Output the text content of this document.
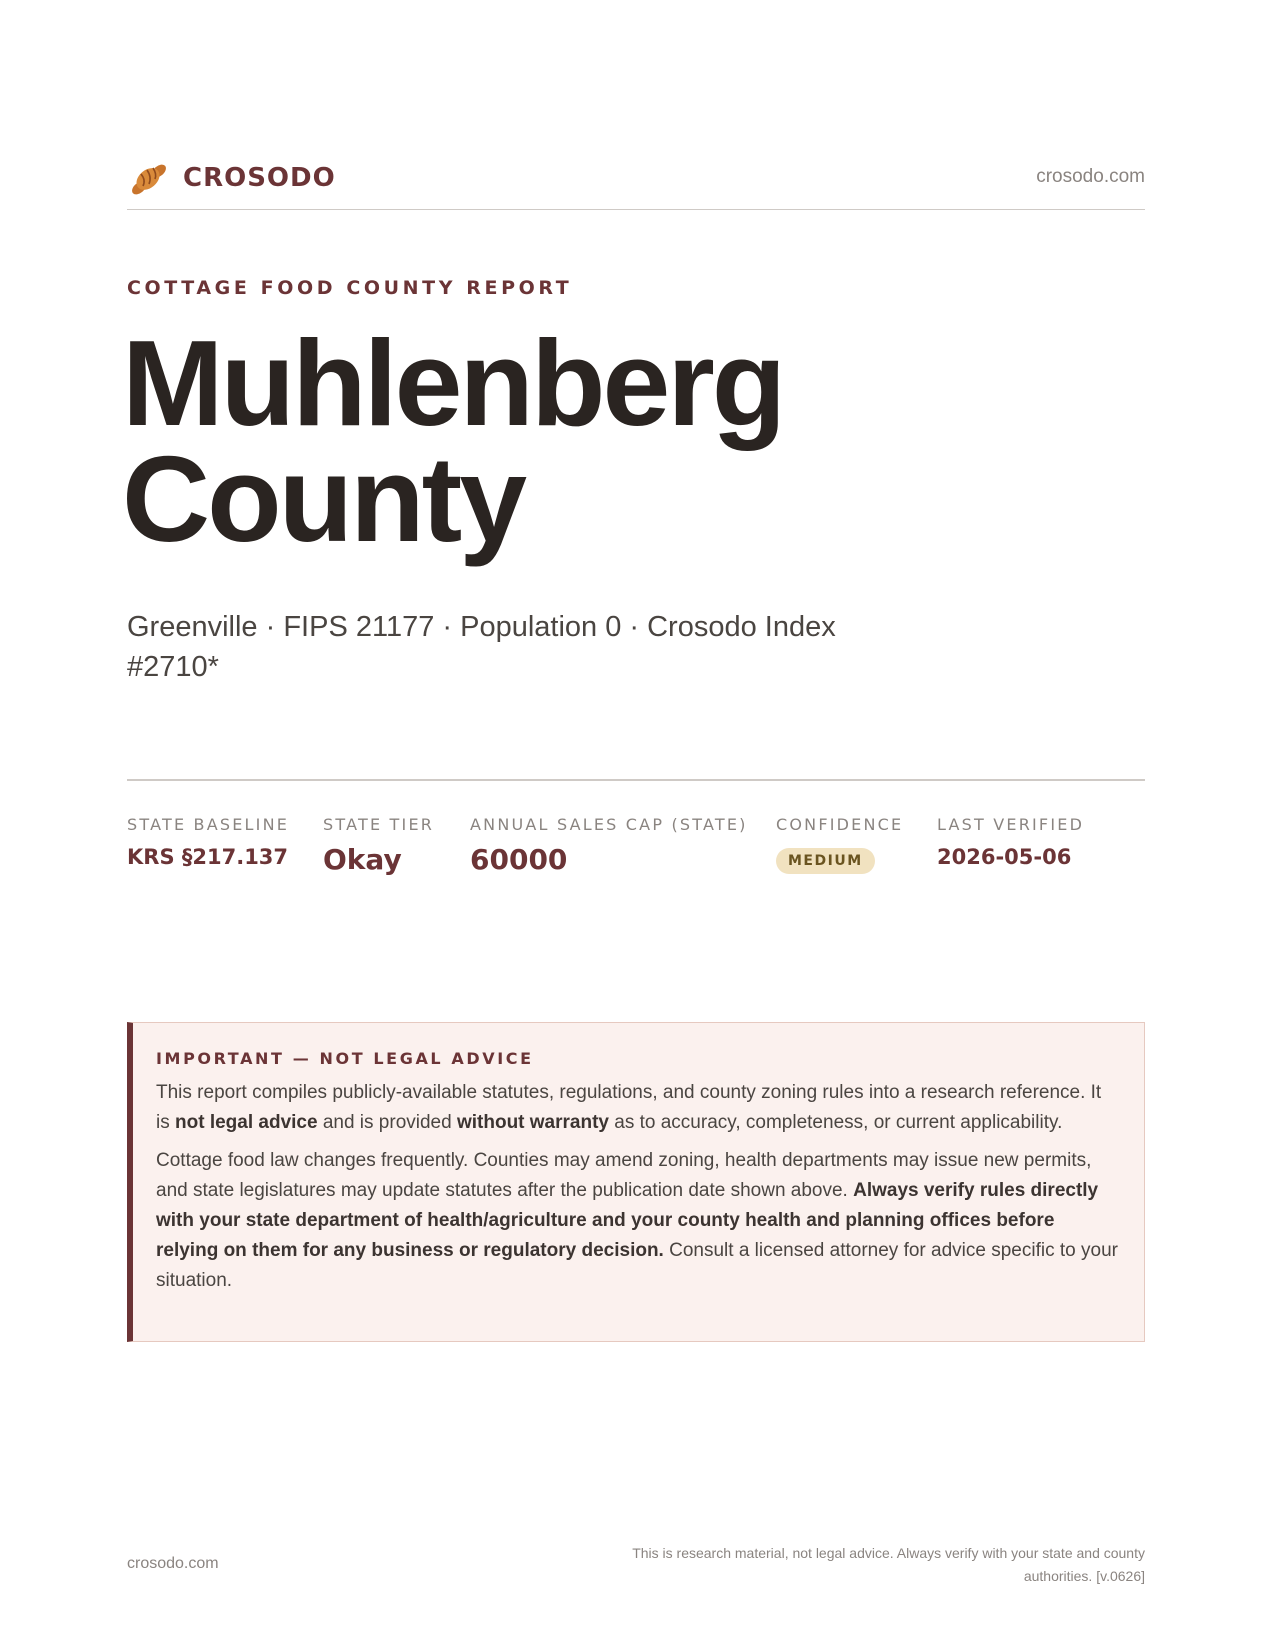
CROSODO	crosodo.com
COTTAGE FOOD COUNTY REPORT
Muhlenberg
County
Greenville · FIPS 21177 · Population 0 · Crosodo Index #2710*
STATE BASELINE
KRS §217.137
STATE TIER
Okay
ANNUAL SALES CAP (STATE)
60000
CONFIDENCE
MEDIUM
LAST VERIFIED
2026-05-06
IMPORTANT — NOT LEGAL ADVICE

This report compiles publicly-available statutes, regulations, and county zoning rules into a research reference. It is not legal advice and is provided without warranty as to accuracy, completeness, or current applicability.

Cottage food law changes frequently. Counties may amend zoning, health departments may issue new permits, and state legislatures may update statutes after the publication date shown above. Always verify rules directly with your state department of health/agriculture and your county health and planning offices before relying on them for any business or regulatory decision. Consult a licensed attorney for advice specific to your situation.

crosodo.com
This is research material, not legal advice. Always verify with your state and county authorities. [v.0626]
